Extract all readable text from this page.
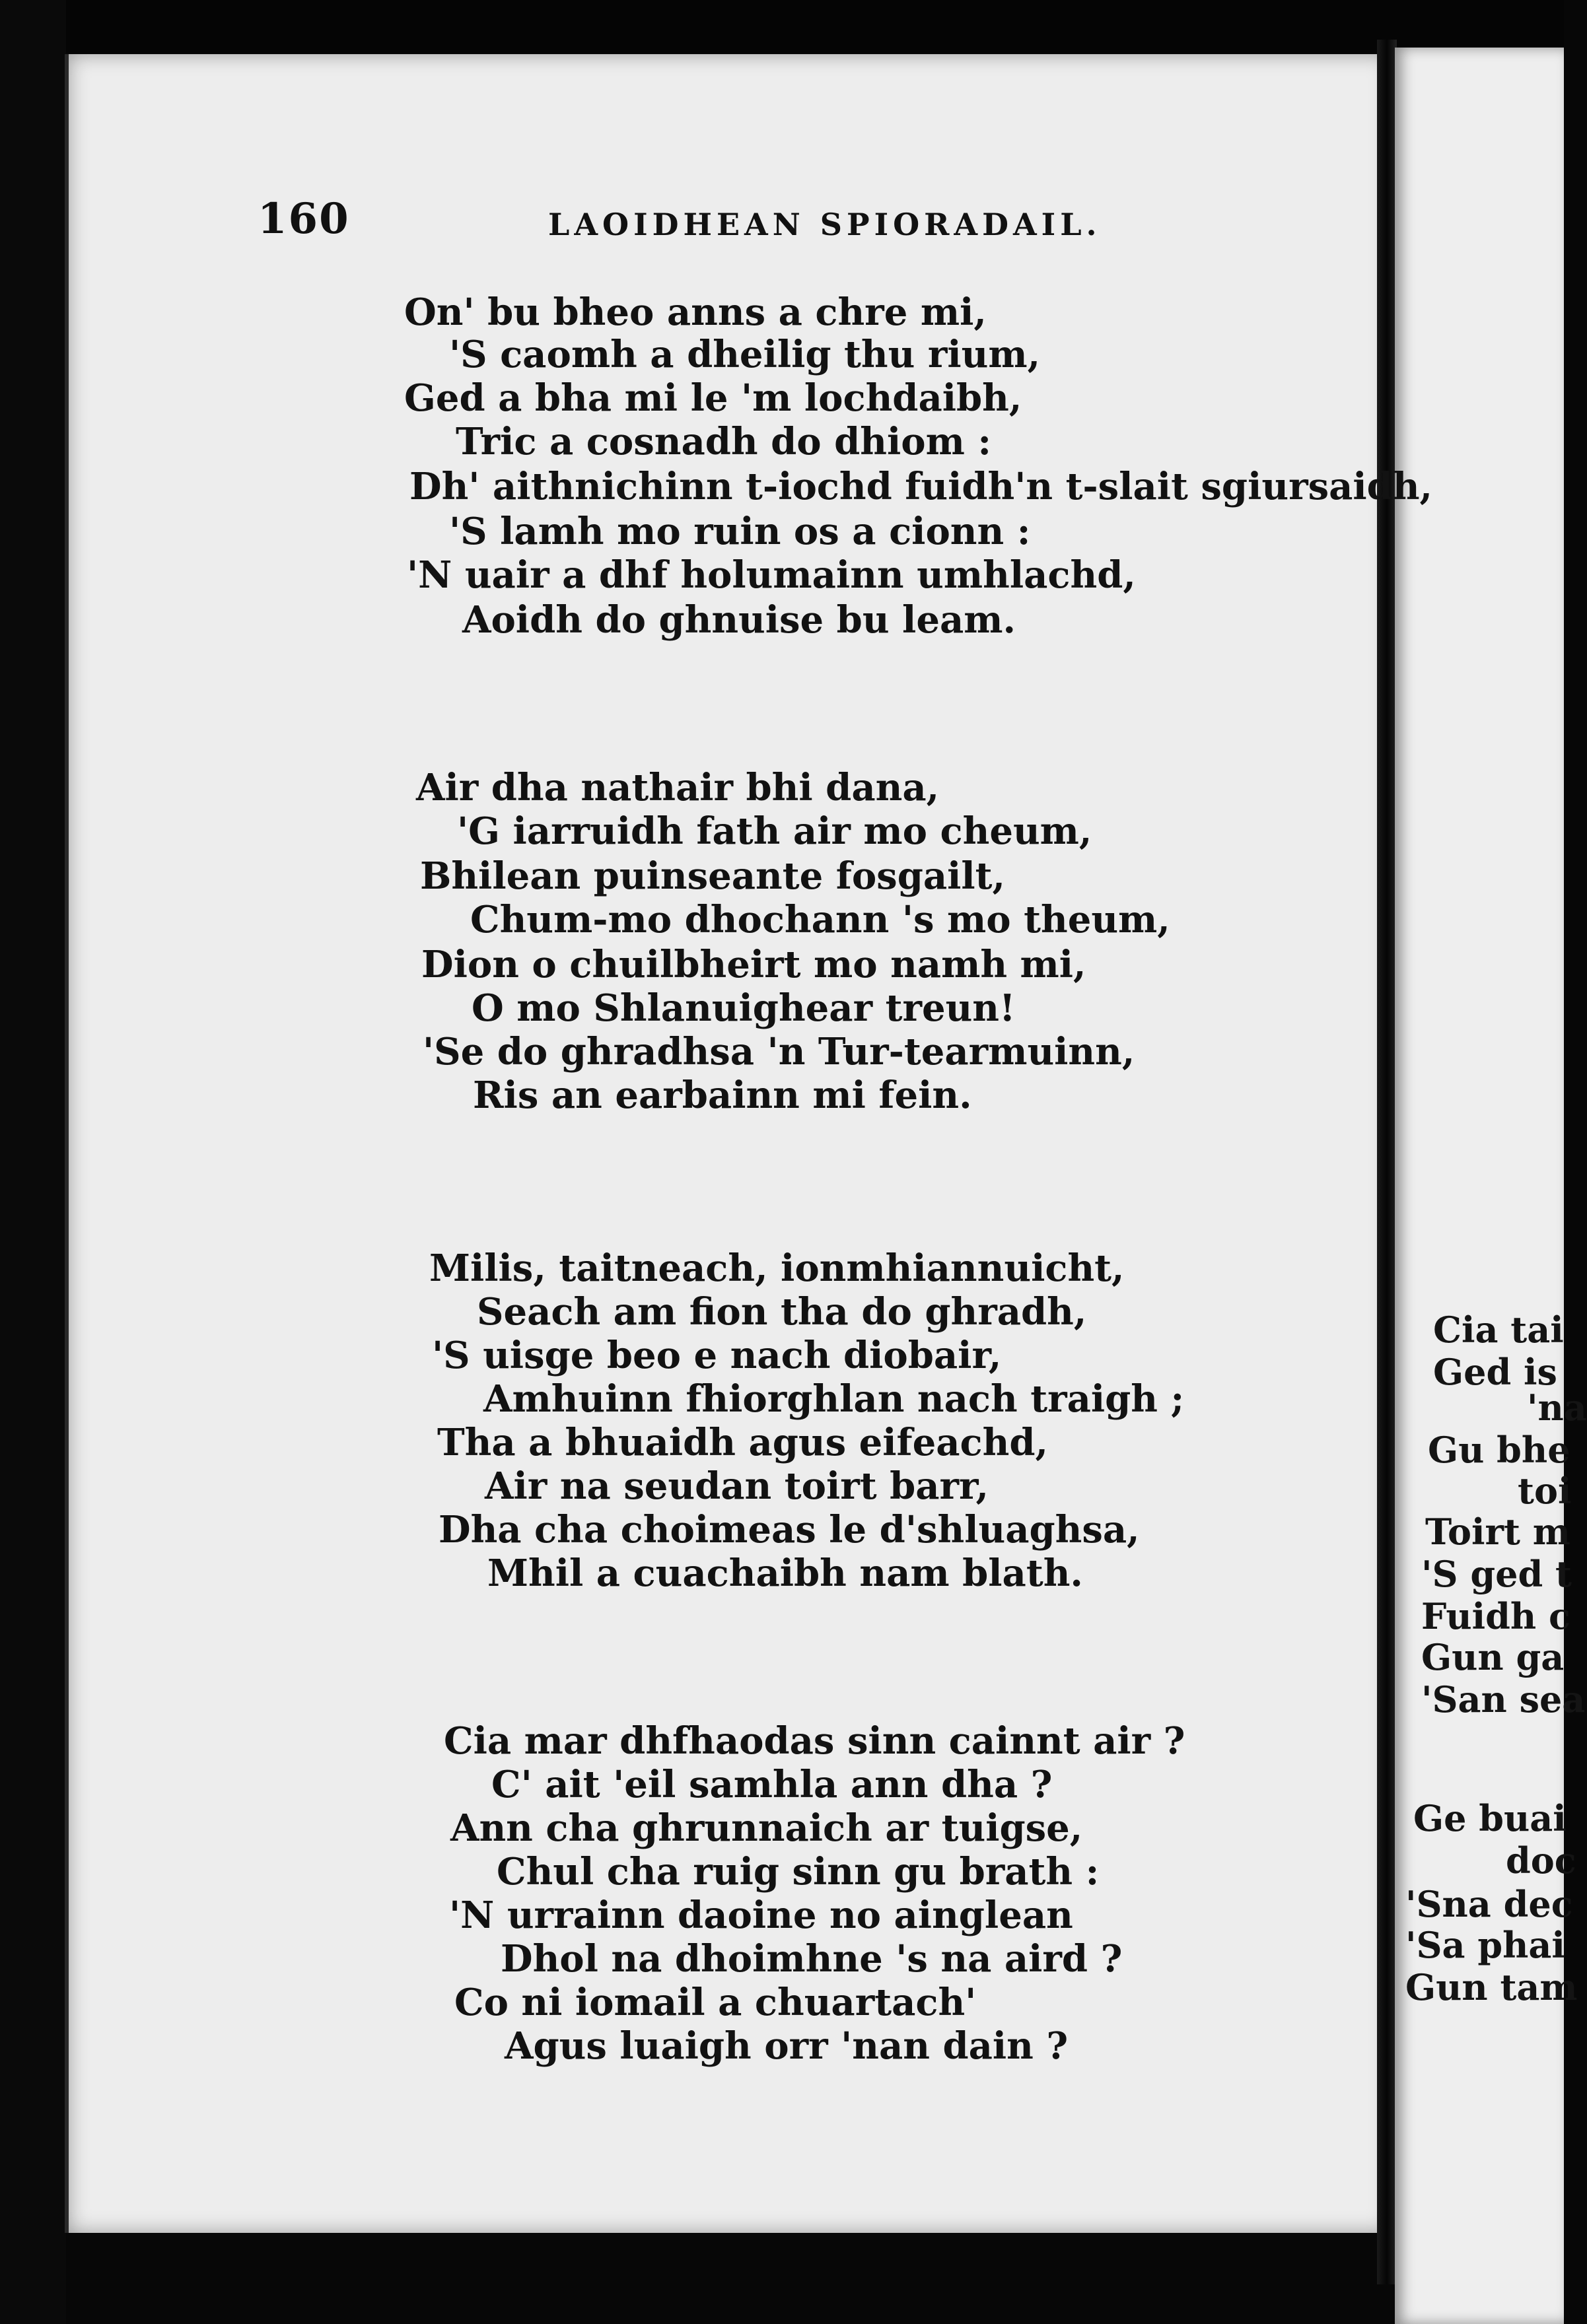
Cia tai
Ged is
'na
Gu bhe
toi
Toirt m
'S ged t
Fuidh c
Gun ga
'San sea
Ge buai
doc
'Sna dec
'Sa phai
Gun tam
160	LAOIDHEAN SPIORADAIL.
On' bu bheo anns a chre mi,
'S caomh a dheilig thu rium,
Ged a bha mi le 'm lochdaibh,
Tric a cosnadh do dhiom :
Dh' aithnichinn t-iochd fuidh'n t-slait sgiursaidh,
'S lamh mo ruin os a cionn :
'N uair a dhf holumainn umhlachd,
Aoidh do ghnuise bu leam.
Air dha nathair bhi dana,
'G iarruidh fath air mo cheum,
Bhilean puinseante fosgailt,
Chum-mo dhochann 's mo theum,
Dion o chuilbheirt mo namh mi,
O mo Shlanuighear treun!
'Se do ghradhsa 'n Tur-tearmuinn,
Ris an earbainn mi fein.
Milis, taitneach, ionmhiannuicht,
Seach am fion tha do ghradh,
'S uisge beo e nach diobair,
Amhuinn fhiorghlan nach traigh ;
Tha a bhuaidh agus eifeachd,
Air na seudan toirt barr,
Dha cha choimeas le d'shluaghsa,
Mhil a cuachaibh nam blath.
Cia mar dhfhaodas sinn cainnt air ?
C' ait 'eil samhla ann dha ?
Ann cha ghrunnaich ar tuigse,
Chul cha ruig sinn gu brath :
'N urrainn daoine no ainglean
Dhol na dhoimhne 's na aird ?
Co ni iomail a chuartach'
Agus luaigh orr 'nan dain ?
